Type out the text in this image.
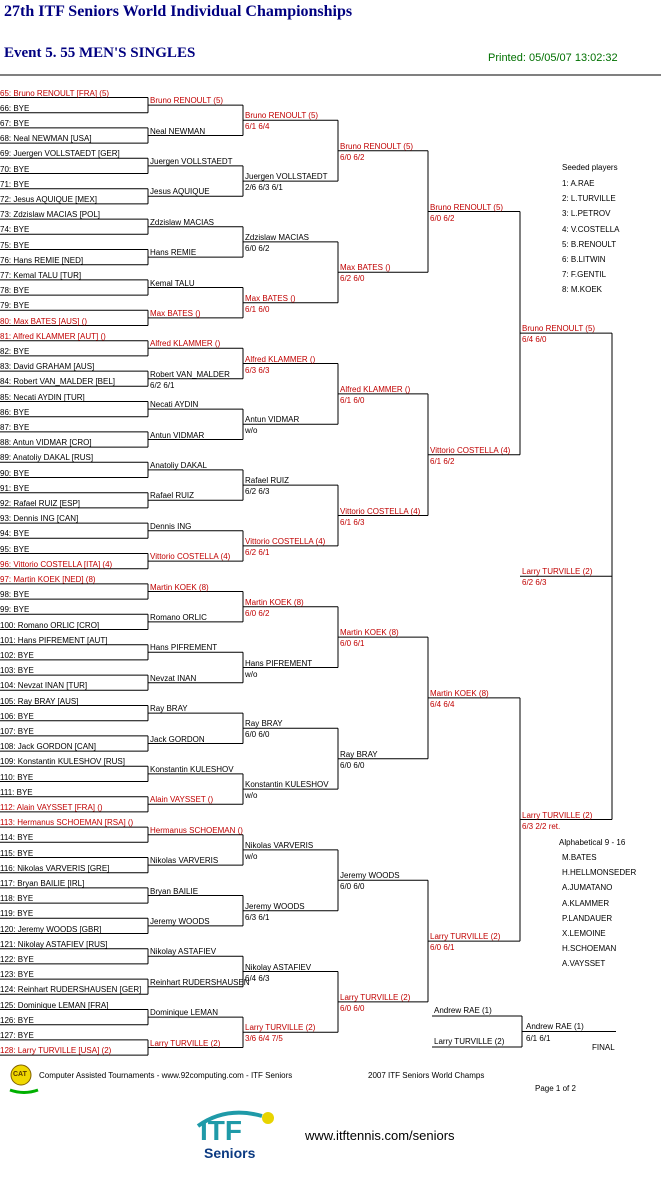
27th ITF Seniors World Individual Championships
Event 5. 55 MEN'S SINGLES	Printed: 05/05/07 13:02:32
65: Bruno RENOULT [FRA] (5)
66: BYE
67: BYE
68: Neal NEWMAN [USA]
69: Juergen VOLLSTAEDT [GER]
70: BYE
71: BYE
72: Jesus AQUIQUE [MEX]
73: Zdzislaw MACIAS [POL]
74: BYE
75: BYE
76: Hans REMIE [NED]
77: Kemal TALU [TUR]
78: BYE
79: BYE
80: Max BATES [AUS] ()
81: Alfred KLAMMER [AUT] ()
82: BYE
83: David GRAHAM [AUS]
84: Robert VAN_MALDER [BEL]
85: Necati AYDIN [TUR]
86: BYE
87: BYE
88: Antun VIDMAR [CRO]
89: Anatoliy DAKAL [RUS]
90: BYE
91: BYE
92: Rafael RUIZ [ESP]
93: Dennis ING [CAN]
94: BYE
95: BYE
96: Vittorio COSTELLA [ITA] (4)
97: Martin KOEK [NED] (8)
98: BYE
99: BYE
100: Romano ORLIC [CRO]
101: Hans PIFREMENT [AUT]
102: BYE
103: BYE
104: Nevzat INAN [TUR]
105: Ray BRAY [AUS]
106: BYE
107: BYE
108: Jack GORDON [CAN]
109: Konstantin KULESHOV [RUS]
110: BYE
111: BYE
112: Alain VAYSSET [FRA] ()
113: Hermanus SCHOEMAN [RSA] ()
114: BYE
115: BYE
116: Nikolas VARVERIS [GRE]
117: Bryan BAILIE [IRL]
118: BYE
119: BYE
120: Jeremy WOODS [GBR]
121: Nikolay ASTAFIEV [RUS]
122: BYE
123: BYE
124: Reinhart RUDERSHAUSEN [GER]
125: Dominique LEMAN [FRA]
126: BYE
127: BYE
128: Larry TURVILLE [USA] (2)
Bruno RENOULT (5)
Neal NEWMAN
Juergen VOLLSTAEDT
Jesus AQUIQUE
Zdzislaw MACIAS
Hans REMIE
Kemal TALU
Max BATES ()
Alfred KLAMMER ()
Robert VAN_MALDER
6/2 6/1
Necati AYDIN
Antun VIDMAR
Anatoliy DAKAL
Rafael RUIZ
Dennis ING
Vittorio COSTELLA (4)
Martin KOEK (8)
Romano ORLIC
Hans PIFREMENT
Nevzat INAN
Ray BRAY
Jack GORDON
Konstantin KULESHOV
Alain VAYSSET ()
Hermanus SCHOEMAN ()
Nikolas VARVERIS
Bryan BAILIE
Jeremy WOODS
Nikolay ASTAFIEV
Reinhart RUDERSHAUSEN
Dominique LEMAN
Larry TURVILLE (2)
Bruno RENOULT (5)
6/1 6/4
Juergen VOLLSTAEDT
2/6 6/3 6/1
Zdzislaw MACIAS
6/0 6/2
Max BATES ()
6/1 6/0
Alfred KLAMMER ()
6/3 6/3
Antun VIDMAR
w/o
Rafael RUIZ
6/2 6/3
Vittorio COSTELLA (4)
6/2 6/1
Martin KOEK (8)
6/0 6/2
Hans PIFREMENT
w/o
Ray BRAY
6/0 6/0
Konstantin KULESHOV
w/o
Nikolas VARVERIS
w/o
Jeremy WOODS
6/3 6/1
Nikolay ASTAFIEV
6/4 6/3
Larry TURVILLE (2)
3/6 6/4 7/5
Bruno RENOULT (5)
6/0 6/2
Max BATES ()
6/2 6/0
Alfred KLAMMER ()
6/1 6/0
Vittorio COSTELLA (4)
6/1 6/3
Martin KOEK (8)
6/0 6/1
Ray BRAY
6/0 6/0
Jeremy WOODS
6/0 6/0
Larry TURVILLE (2)
6/0 6/0
Bruno RENOULT (5)
6/0 6/2
Vittorio COSTELLA (4)
6/1 6/2
Martin KOEK (8)
6/4 6/4
Larry TURVILLE (2)
6/0 6/1
Bruno RENOULT (5)
6/4 6/0
Larry TURVILLE (2)
6/3 2/2 ret.
Larry TURVILLE (2)
6/2 6/3
Andrew RAE (1)
Larry TURVILLE (2)
Andrew RAE (1)
6/1 6/1
FINAL
Seeded players
1: A.RAE
2: L.TURVILLE
3: L.PETROV
4: V.COSTELLA
5: B.RENOULT
6: B.LITWIN
7: F.GENTIL
8: M.KOEK
Alphabetical 9 - 16
M.BATES
H.HELLMONSEDER
A.JUMATANO
A.KLAMMER
P.LANDAUER
X.LEMOINE
H.SCHOEMAN
A.VAYSSET
CAT Computer Assisted Tournaments - www.92computing.com - ITF Seniors	2007 ITF Seniors World Champs
Page 1 of 2
ITF
Seniors
www.itftennis.com/seniors
